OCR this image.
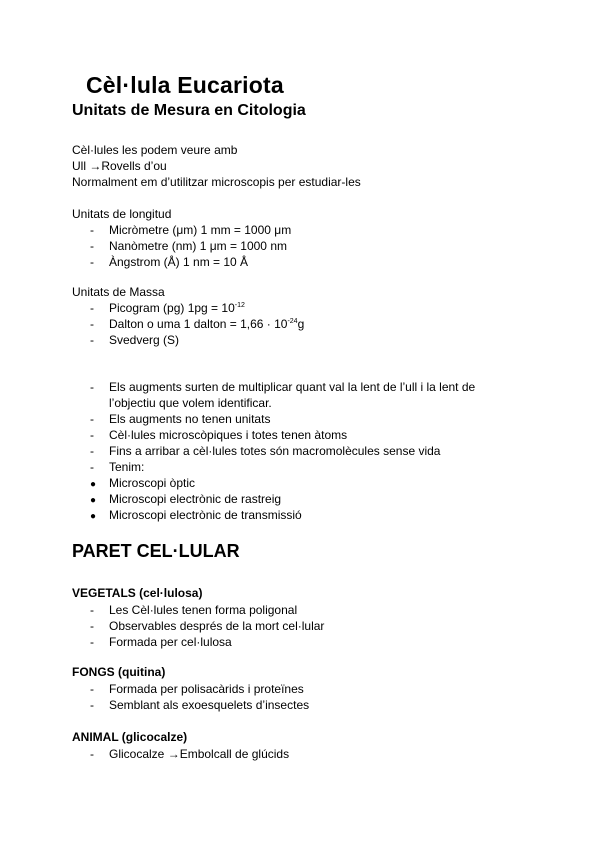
Cèl·lula Eucariota
Unitats de Mesura en Citologia
Cèl·lules les podem veure amb
Ull →Rovells d’ou
Normalment em d’utilitzar microscopis per estudiar-les
Unitats de longitud
- Micròmetre (μm) 1 mm = 1000 μm
- Nanòmetre (nm) 1 μm = 1000 nm
- Àngstrom (Å) 1 nm = 10 Å
Unitats de Massa
- Picogram (pg) $1pg = 10^{-12}$
- Dalton o uma 1 dalton = $1,66 \cdot 10^{-24}g$
- Svedverg (S)
- Els augments surten de multiplicar quant val la lent de l’ull i la lent de
l’objectiu que volem identificar.
- Els augments no tenen unitats
- Cèl·lules microscòpiques i totes tenen àtoms
- Fins a arribar a cèl·lules totes són macromolècules sense vida
- Tenim:
● Microscopi òptic
● Microscopi electrònic de rastreig
● Microscopi electrònic de transmissió
PARET CEL·LULAR
VEGETALS (cel·lulosa)
- Les Cèl·lules tenen forma poligonal
- Observables després de la mort cel·lular
- Formada per cel·lulosa
FONGS (quitina)
- Formada per polisacàrids i proteïnes
- Semblant als exoesquelets d’insectes
ANIMAL (glicocalze)
- Glicocalze →Embolcall de glúcids
